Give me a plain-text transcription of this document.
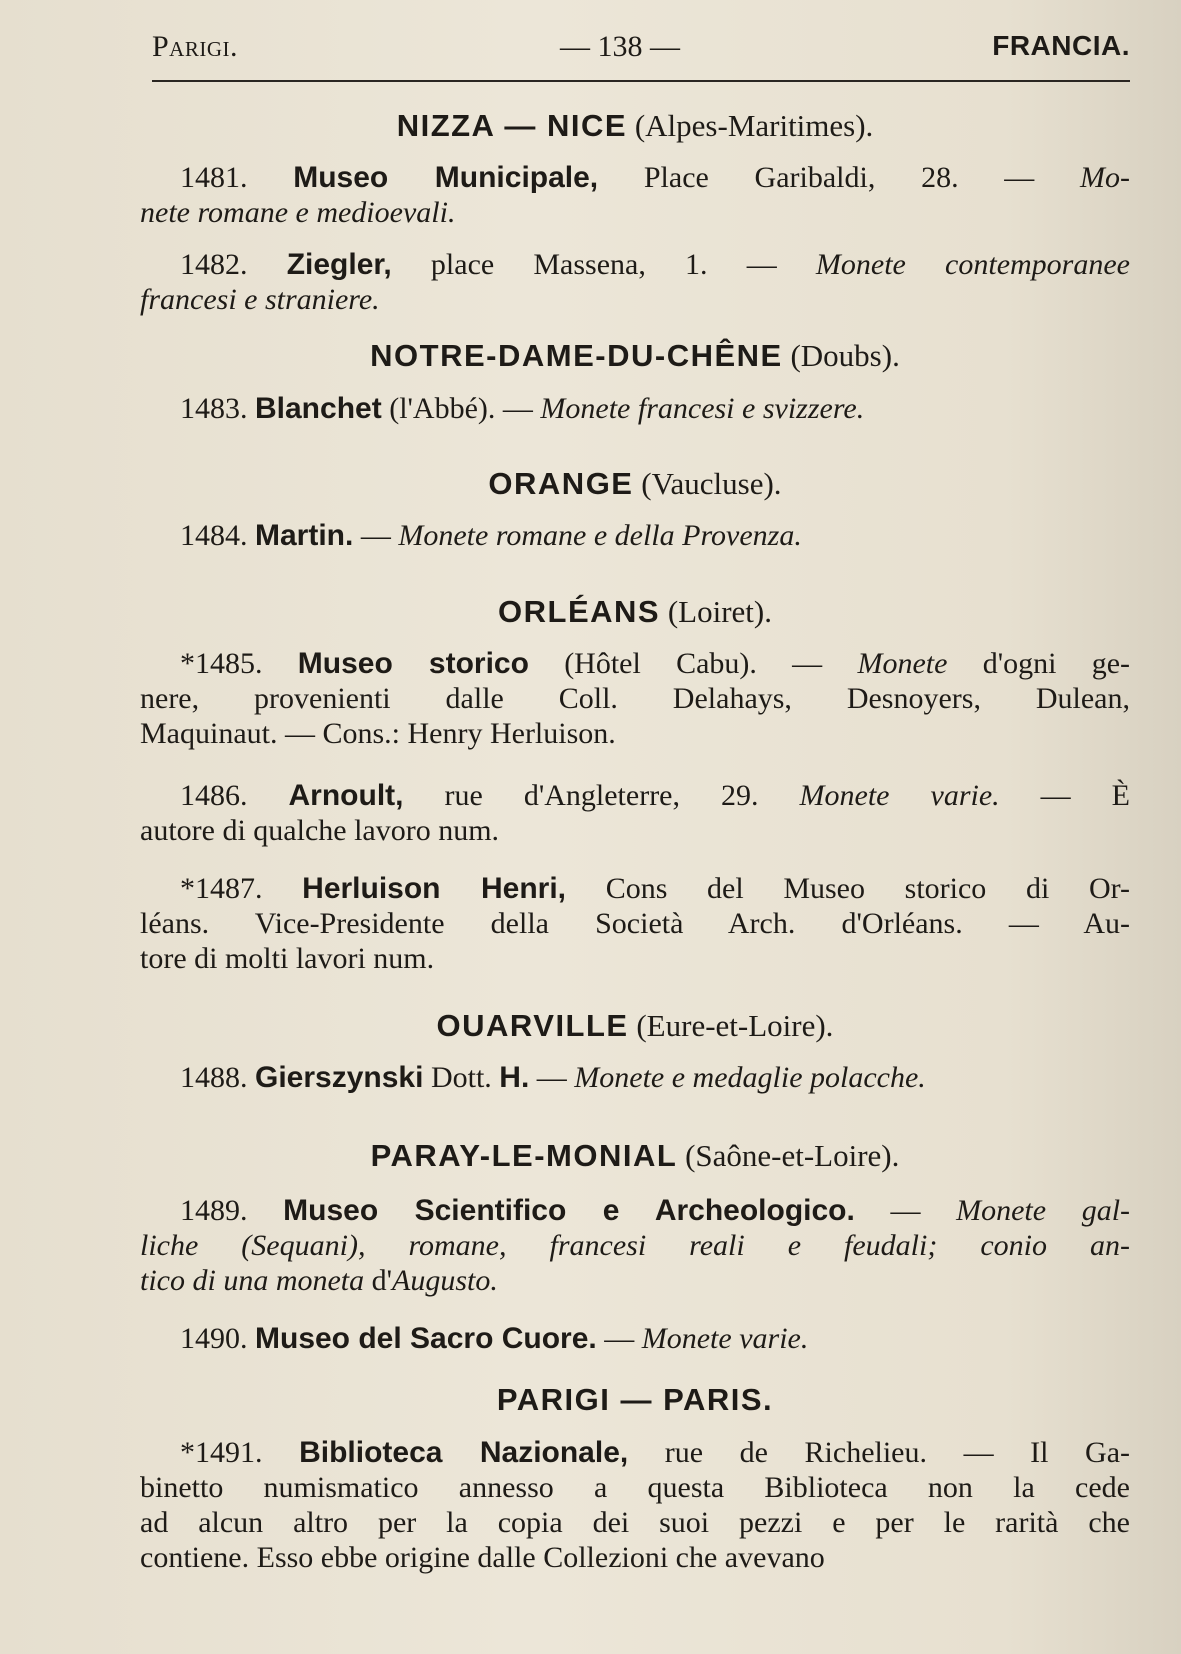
Parigi.	— 138 —	FRANCIA.
NIZZA — NICE (Alpes-Maritimes).
1481. Museo Municipale, Place Garibaldi, 28. — Mo-
nete romane e medioevali.
1482. Ziegler, place Massena, 1. — Monete contemporanee
francesi e straniere.
NOTRE-DAME-DU-CHÊNE (Doubs).
1483. Blanchet (l'Abbé). — Monete francesi e svizzere.
ORANGE (Vaucluse).
1484. Martin. — Monete romane e della Provenza.
ORLÉANS (Loiret).
*1485. Museo storico (Hôtel Cabu). — Monete d'ogni ge-
nere, provenienti dalle Coll. Delahays, Desnoyers, Dulean,
Maquinaut. — Cons.: Henry Herluison.
1486. Arnoult, rue d'Angleterre, 29. Monete varie. — È
autore di qualche lavoro num.
*1487. Herluison Henri, Cons del Museo storico di Or-
léans. Vice-Presidente della Società Arch. d'Orléans. — Au-
tore di molti lavori num.
OUARVILLE (Eure-et-Loire).
1488. Gierszynski Dott. H. — Monete e medaglie polacche.
PARAY-LE-MONIAL (Saône-et-Loire).
1489. Museo Scientifico e Archeologico. — Monete gal-
liche (Sequani), romane, francesi reali e feudali; conio an-
tico di una moneta d'Augusto.
1490. Museo del Sacro Cuore. — Monete varie.
PARIGI — PARIS.
*1491. Biblioteca Nazionale, rue de Richelieu. — Il Ga-
binetto numismatico annesso a questa Biblioteca non la cede
ad alcun altro per la copia dei suoi pezzi e per le rarità che
contiene. Esso ebbe origine dalle Collezioni che avevano
